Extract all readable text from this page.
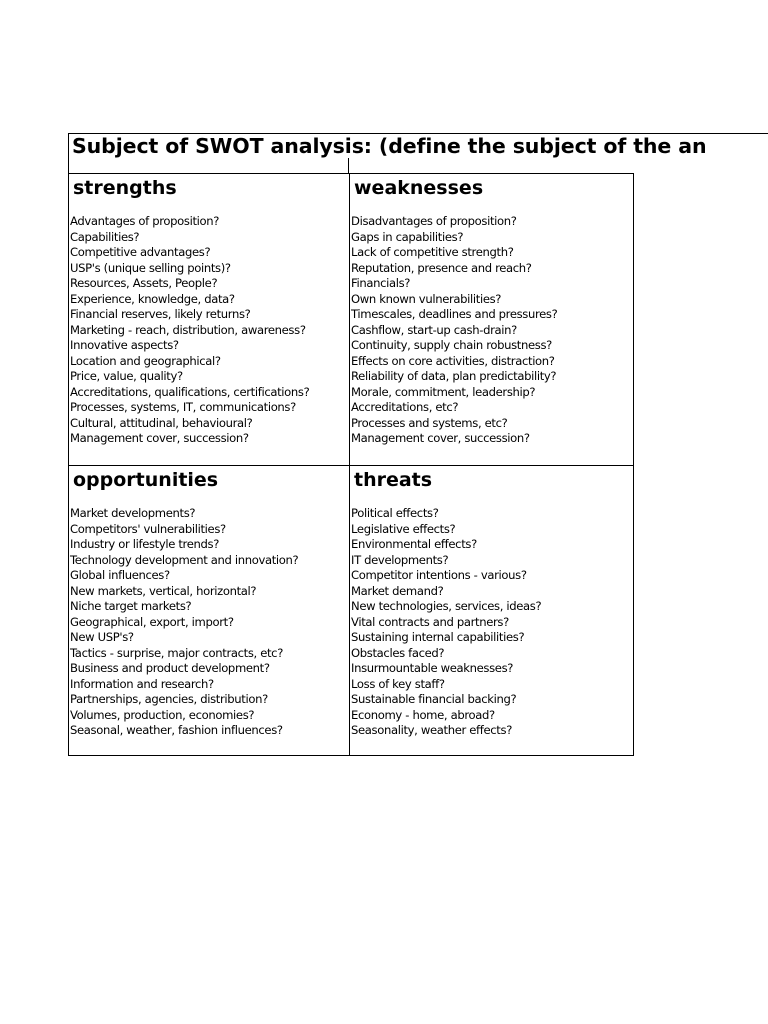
Subject of SWOT analysis: (define the subject of the an
strengths
Advantages of proposition?
Capabilities?
Competitive advantages?
USP's (unique selling points)?
Resources, Assets, People?
Experience, knowledge, data?
Financial reserves, likely returns?
Marketing - reach, distribution, awareness?
Innovative aspects?
Location and geographical?
Price, value, quality?
Accreditations, qualifications, certifications?
Processes, systems, IT, communications?
Cultural, attitudinal, behavioural?
Management cover, succession?
weaknesses
Disadvantages of proposition?
Gaps in capabilities?
Lack of competitive strength?
Reputation, presence and reach?
Financials?
Own known vulnerabilities?
Timescales, deadlines and pressures?
Cashflow, start-up cash-drain?
Continuity, supply chain robustness?
Effects on core activities, distraction?
Reliability of data, plan predictability?
Morale, commitment, leadership?
Accreditations, etc?
Processes and systems, etc?
Management cover, succession?
opportunities
Market developments?
Competitors' vulnerabilities?
Industry or lifestyle trends?
Technology development and innovation?
Global influences?
New markets, vertical, horizontal?
Niche target markets?
Geographical, export, import?
New USP's?
Tactics - surprise, major contracts, etc?
Business and product development?
Information and research?
Partnerships, agencies, distribution?
Volumes, production, economies?
Seasonal, weather, fashion influences?
threats
Political effects?
Legislative effects?
Environmental effects?
IT developments?
Competitor intentions - various?
Market demand?
New technologies, services, ideas?
Vital contracts and partners?
Sustaining internal capabilities?
Obstacles faced?
Insurmountable weaknesses?
Loss of key staff?
Sustainable financial backing?
Economy - home, abroad?
Seasonality, weather effects?
